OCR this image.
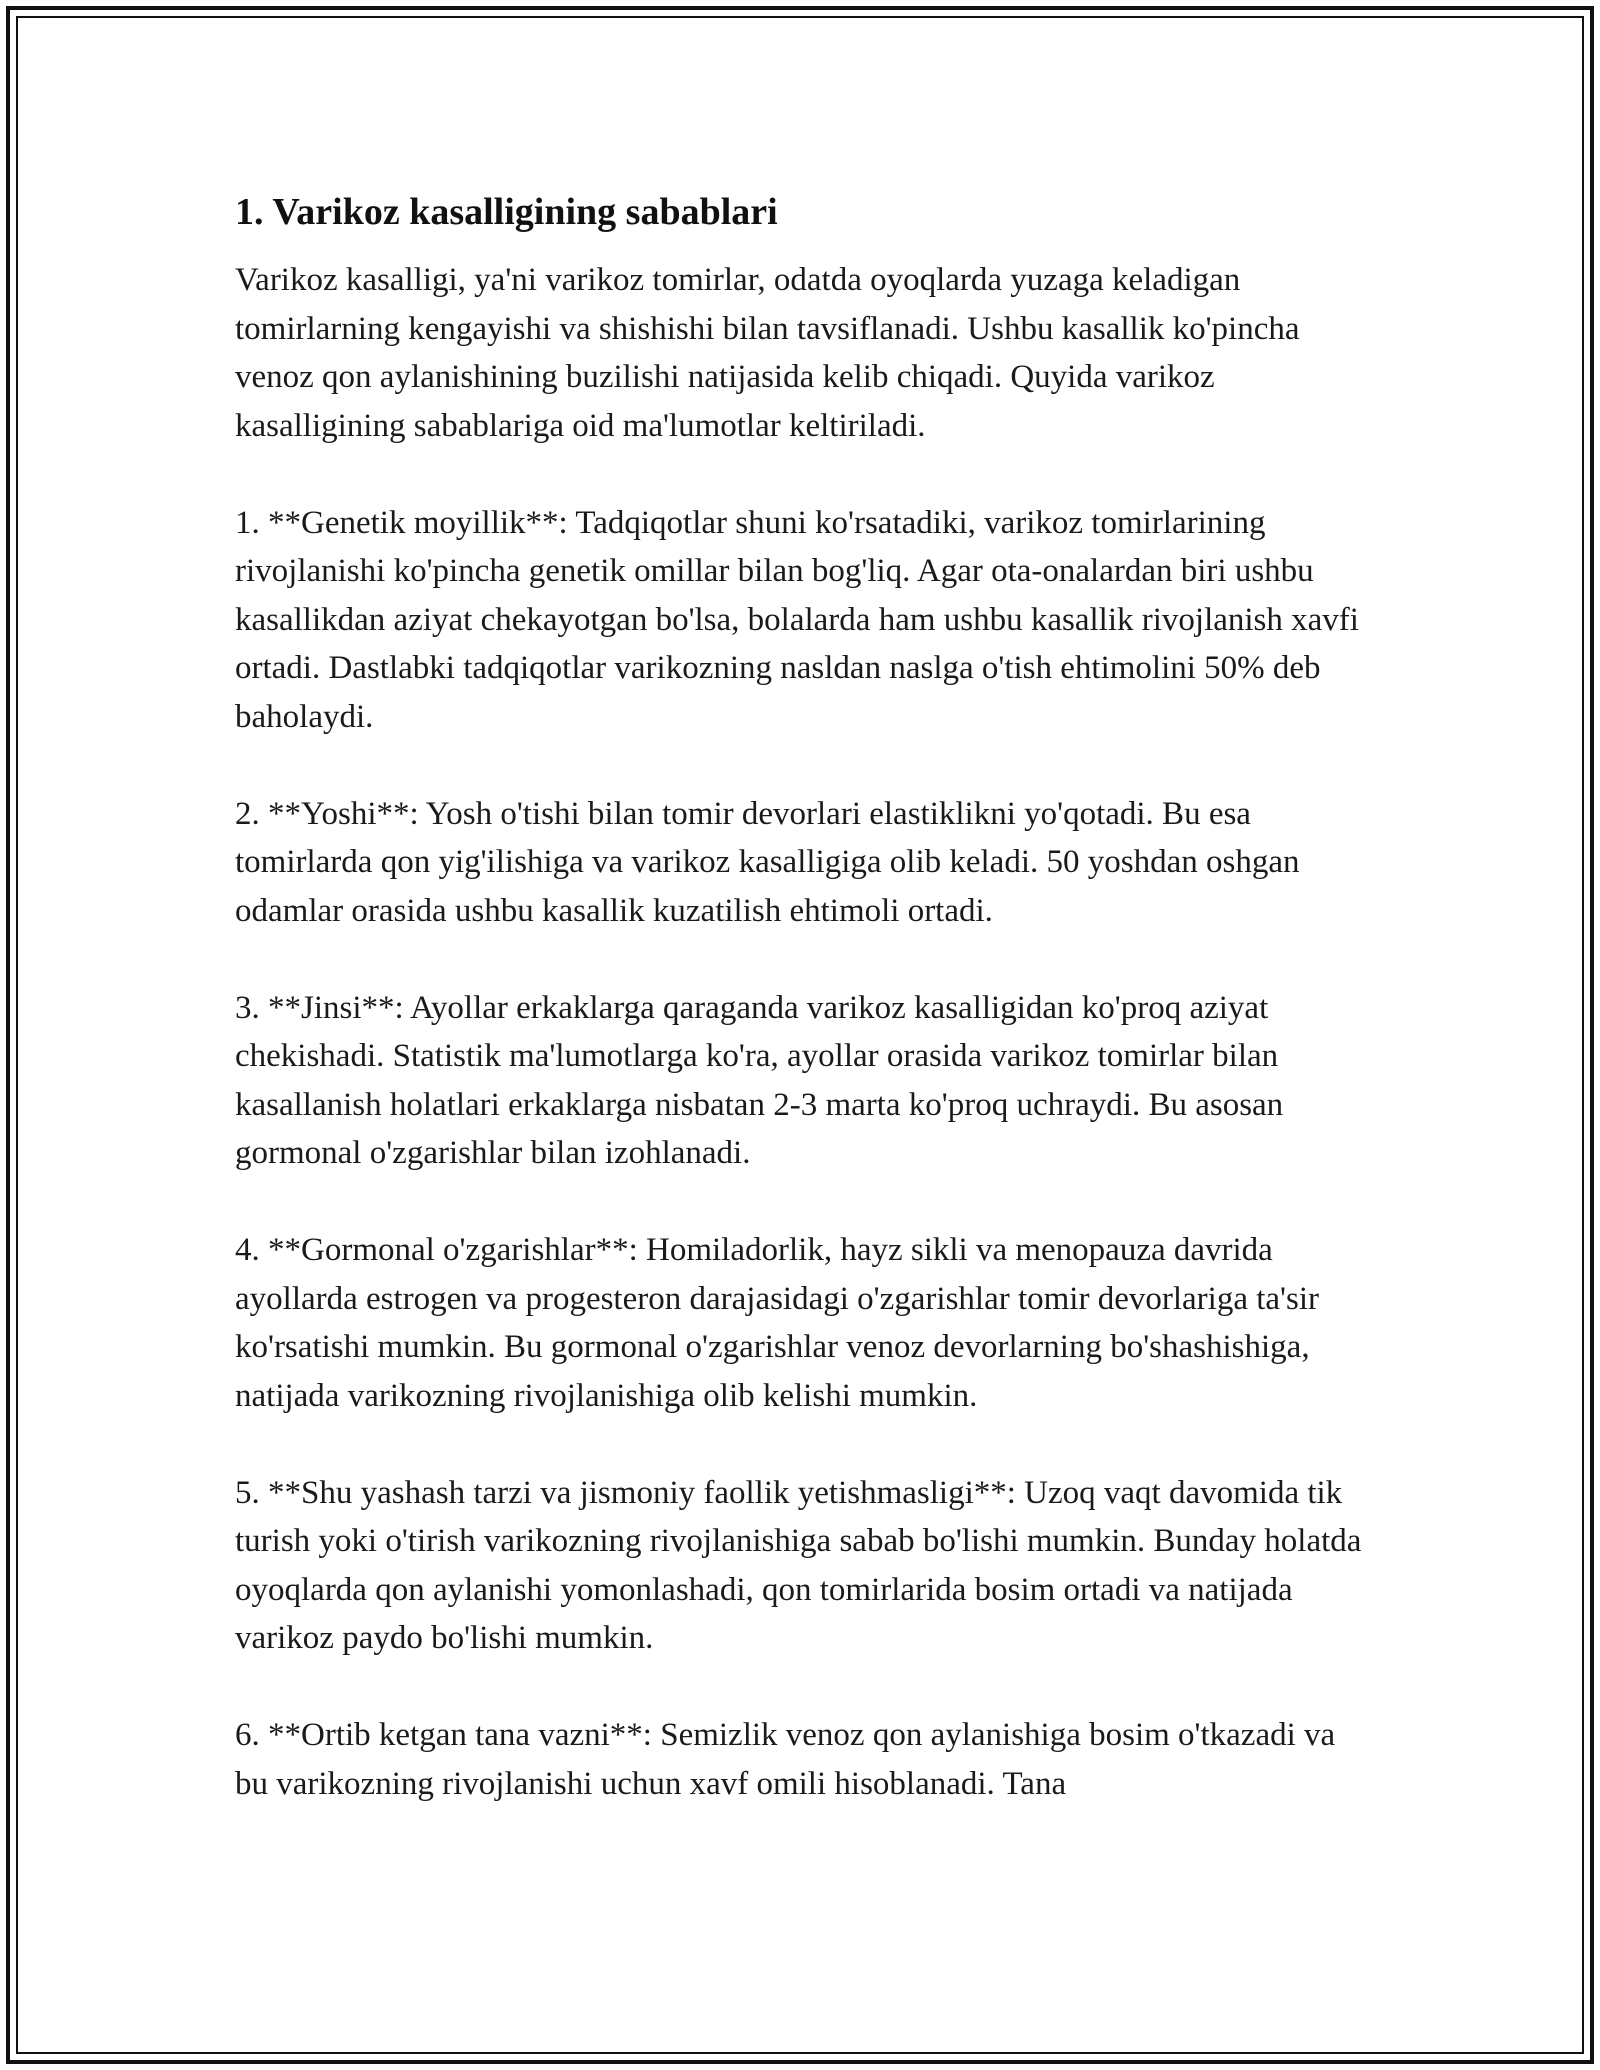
1. Varikoz kasalligining sabablari

Varikoz kasalligi, ya'ni varikoz tomirlar, odatda oyoqlarda yuzaga keladigan tomirlarning kengayishi va shishishi bilan tavsiflanadi. Ushbu kasallik ko'pincha venoz qon aylanishining buzilishi natijasida kelib chiqadi. Quyida varikoz kasalligining sabablariga oid ma'lumotlar keltiriladi.

1. **Genetik moyillik**: Tadqiqotlar shuni ko'rsatadiki, varikoz tomirlarining rivojlanishi ko'pincha genetik omillar bilan bog'liq. Agar ota-onalardan biri ushbu kasallikdan aziyat chekayotgan bo'lsa, bolalarda ham ushbu kasallik rivojlanish xavfi ortadi. Dastlabki tadqiqotlar varikozning nasldan naslga o'tish ehtimolini 50% deb baholaydi.

2. **Yoshi**: Yosh o'tishi bilan tomir devorlari elastiklikni yo'qotadi. Bu esa tomirlarda qon yig'ilishiga va varikoz kasalligiga olib keladi. 50 yoshdan oshgan odamlar orasida ushbu kasallik kuzatilish ehtimoli ortadi.

3. **Jinsi**: Ayollar erkaklarga qaraganda varikoz kasalligidan ko'proq aziyat chekishadi. Statistik ma'lumotlarga ko'ra, ayollar orasida varikoz tomirlar bilan kasallanish holatlari erkaklarga nisbatan 2-3 marta ko'proq uchraydi. Bu asosan gormonal o'zgarishlar bilan izohlanadi.

4. **Gormonal o'zgarishlar**: Homiladorlik, hayz sikli va menopauza davrida ayollarda estrogen va progesteron darajasidagi o'zgarishlar tomir devorlariga ta'sir ko'rsatishi mumkin. Bu gormonal o'zgarishlar venoz devorlarning bo'shashishiga, natijada varikozning rivojlanishiga olib kelishi mumkin.

5. **Shu yashash tarzi va jismoniy faollik yetishmasligi**: Uzoq vaqt davomida tik turish yoki o'tirish varikozning rivojlanishiga sabab bo'lishi mumkin. Bunday holatda oyoqlarda qon aylanishi yomonlashadi, qon tomirlarida bosim ortadi va natijada varikoz paydo bo'lishi mumkin.

6. **Ortib ketgan tana vazni**: Semizlik venoz qon aylanishiga bosim o'tkazadi va bu varikozning rivojlanishi uchun xavf omili hisoblanadi. Tana
